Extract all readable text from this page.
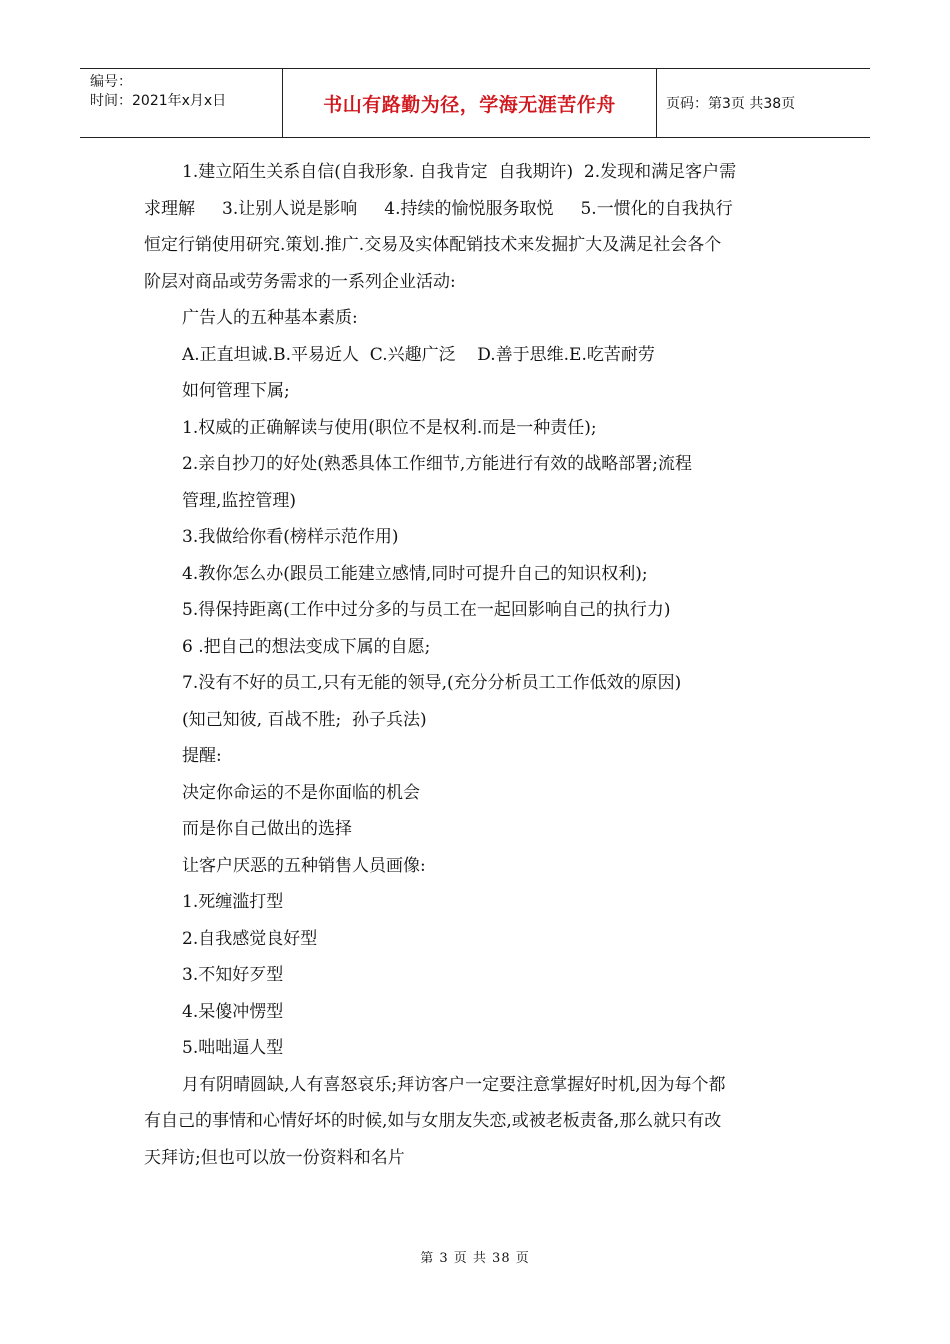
编号：
时间：2021年x月x日	书山有路勤为径，学海无涯苦作舟	页码：第3页 共38页
1.建立陌生关系自信(自我形象. 自我肯定  自我期许)  2.发现和满足客户需
求理解     3.让别人说是影响     4.持续的愉悦服务取悦     5.一惯化的自我执行
恒定行销使用研究.策划.推广.交易及实体配销技术来发掘扩大及满足社会各个
阶层对商品或劳务需求的一系列企业活动:
广告人的五种基本素质:
A.正直坦诚.B.平易近人  C.兴趣广泛    D.善于思维.E.吃苦耐劳
如何管理下属;
1.权威的正确解读与使用(职位不是权利.而是一种责任);
2.亲自抄刀的好处(熟悉具体工作细节,方能进行有效的战略部署;流程
管理,监控管理)
3.我做给你看(榜样示范作用)
4.教你怎么办(跟员工能建立感情,同时可提升自己的知识权利);
5.得保持距离(工作中过分多的与员工在一起回影响自己的执行力)
6 .把自己的想法变成下属的自愿;
7.没有不好的员工,只有无能的领导,(充分分析员工工作低效的原因)
(知己知彼, 百战不胜;  孙子兵法)
提醒:
决定你命运的不是你面临的机会
而是你自己做出的选择
让客户厌恶的五种销售人员画像:
1.死缠滥打型
2.自我感觉良好型
3.不知好歹型
4.呆傻冲愣型
5.咄咄逼人型
月有阴晴圆缺,人有喜怒哀乐;拜访客户一定要注意掌握好时机,因为每个都
有自己的事情和心情好坏的时候,如与女朋友失恋,或被老板责备,那么就只有改
天拜访;但也可以放一份资料和名片
第 3 页 共 38 页
